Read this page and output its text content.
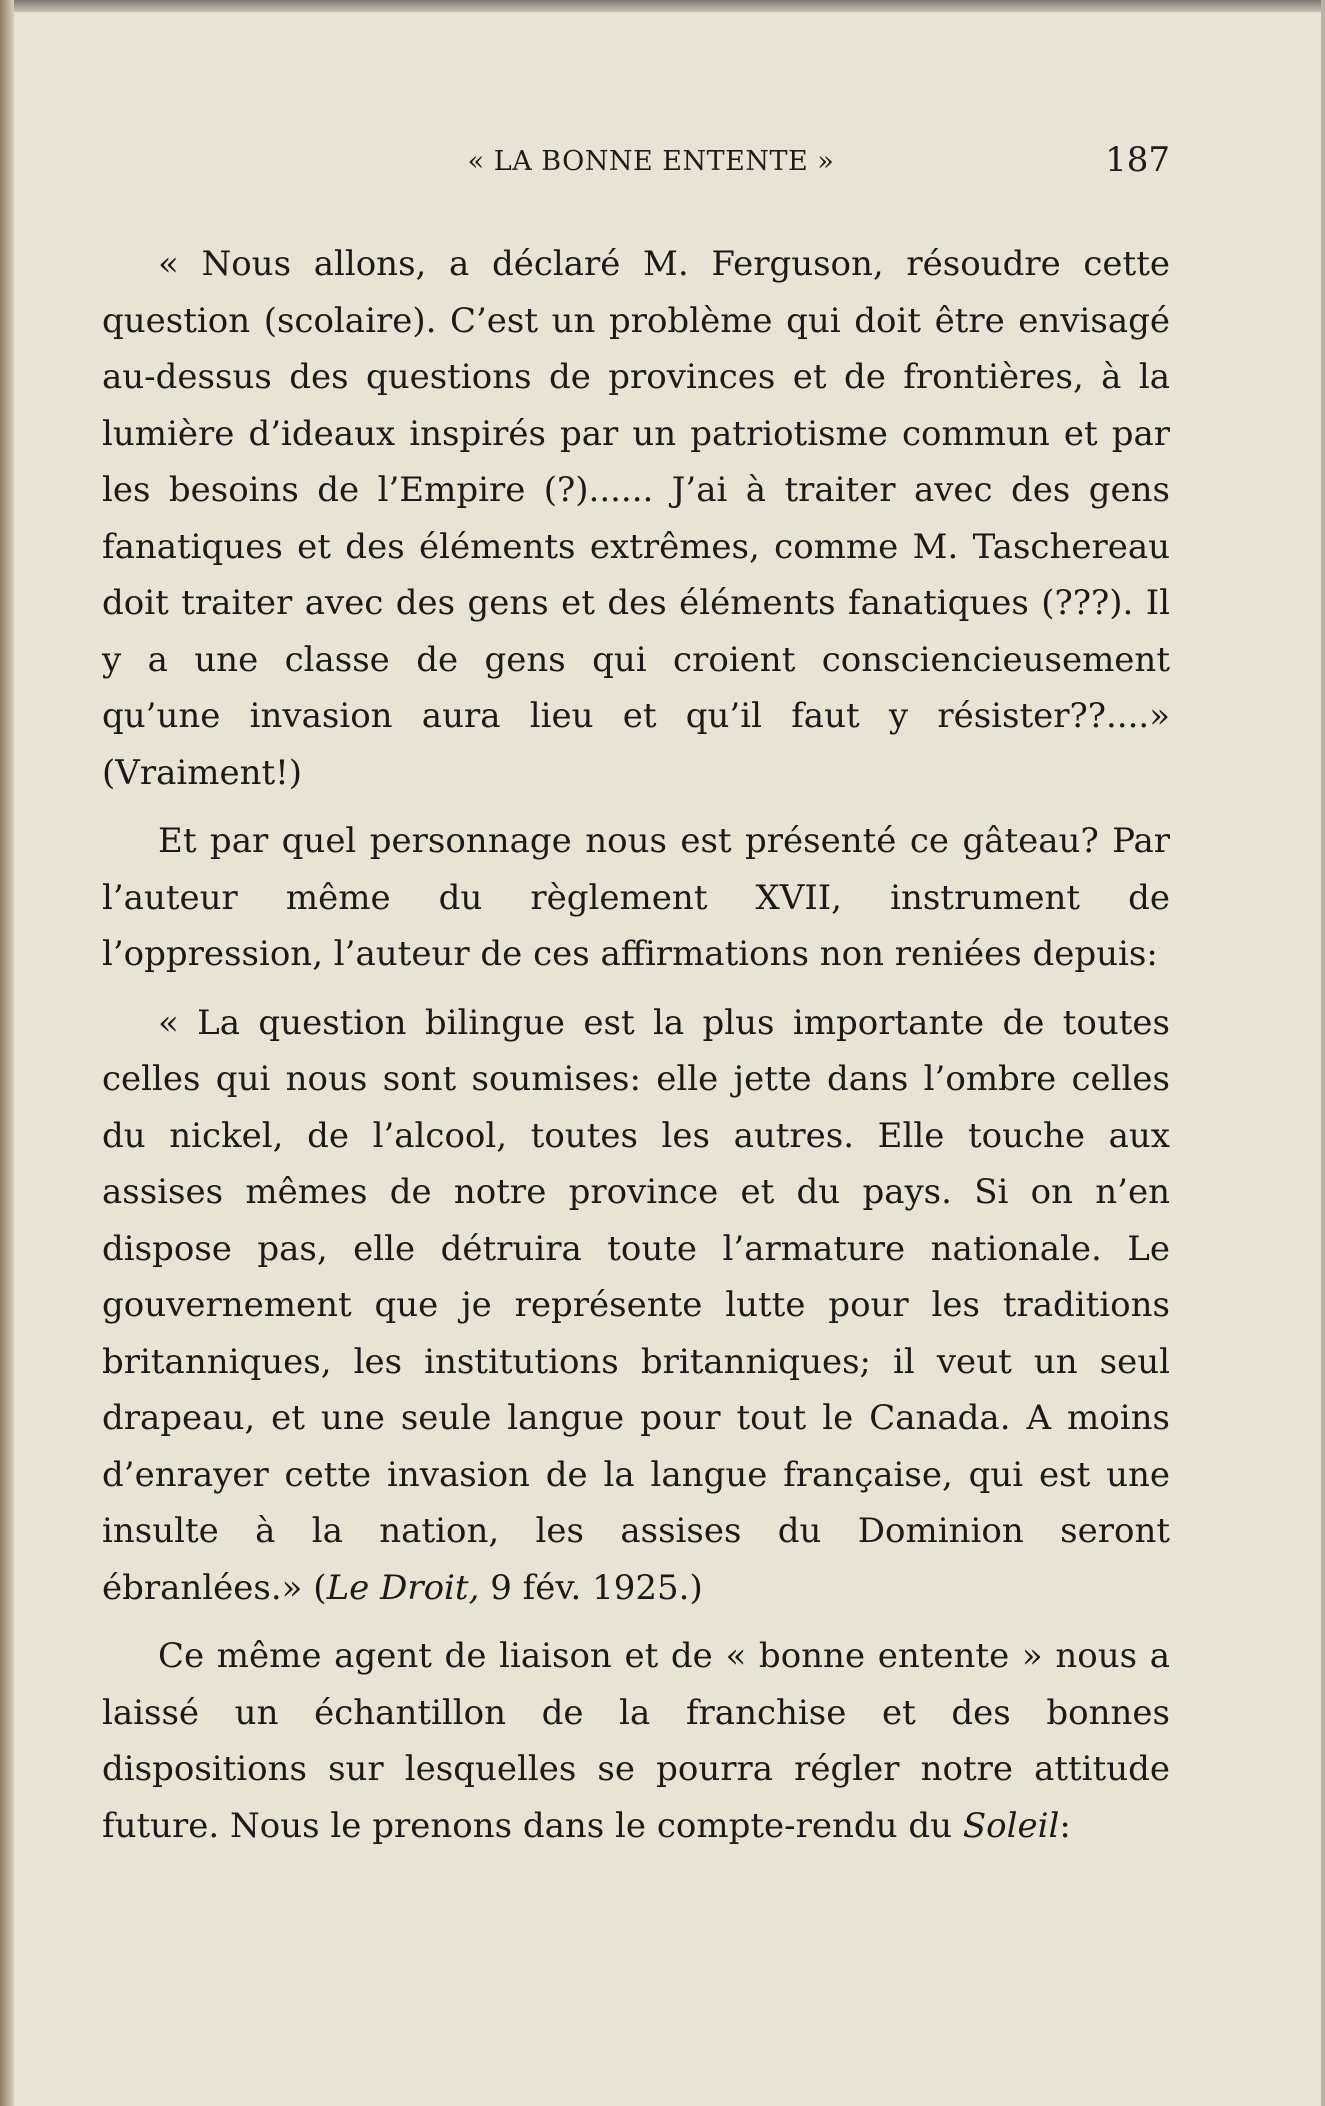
« LA BONNE ENTENTE »	187

« Nous allons, a déclaré M. Ferguson, résoudre cette question (scolaire). C’est un problème qui doit être envisagé au-dessus des questions de provinces et de frontières, à la lumière d’ideaux inspirés par un patriotisme commun et par les besoins de l’Empire (?)...... J’ai à traiter avec des gens fanatiques et des éléments extrêmes, comme M. Taschereau doit traiter avec des gens et des éléments fanatiques (???). Il y a une classe de gens qui croient consciencieusement qu’une invasion aura lieu et qu’il faut y résister??....» (Vraiment!)

Et par quel personnage nous est présenté ce gâteau? Par l’auteur même du règlement XVII, instrument de l’oppression, l’auteur de ces affirmations non reniées depuis:

« La question bilingue est la plus importante de toutes celles qui nous sont soumises: elle jette dans l’ombre celles du nickel, de l’alcool, toutes les autres. Elle touche aux assises mêmes de notre province et du pays. Si on n’en dispose pas, elle détruira toute l’armature nationale. Le gouvernement que je représente lutte pour les traditions britanniques, les institutions britanniques; il veut un seul drapeau, et une seule langue pour tout le Canada. A moins d’enrayer cette invasion de la langue française, qui est une insulte à la nation, les assises du Dominion seront ébranlées.» (Le Droit, 9 fév. 1925.)

Ce même agent de liaison et de « bonne entente » nous a laissé un échantillon de la franchise et des bonnes dispositions sur lesquelles se pourra régler notre attitude future. Nous le prenons dans le compte-rendu du Soleil:
